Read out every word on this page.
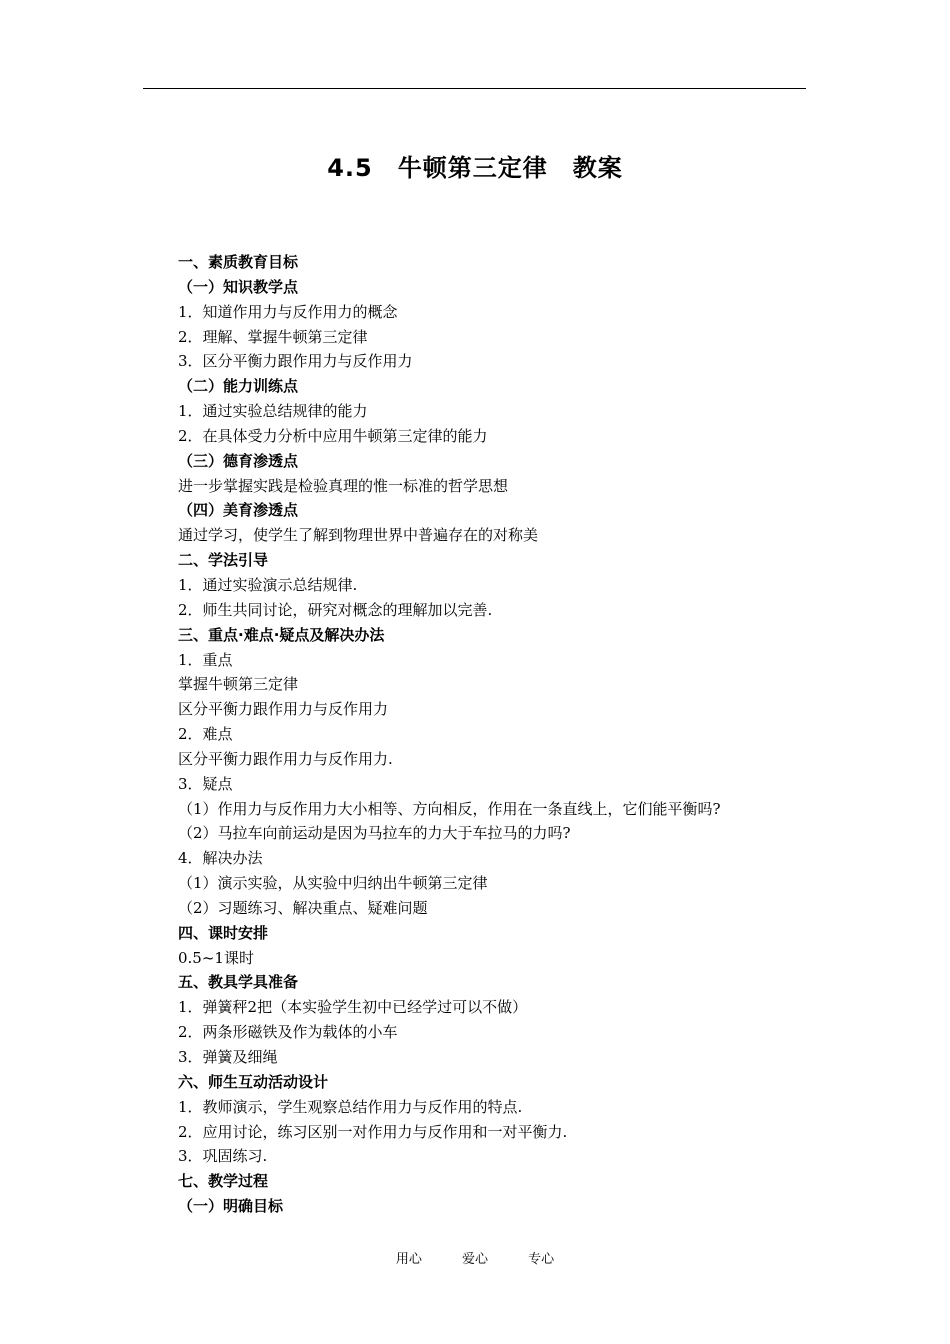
4.5　牛顿第三定律　教案
一、素质教育目标
（一）知识教学点
1．知道作用力与反作用力的概念
2．理解、掌握牛顿第三定律
3．区分平衡力跟作用力与反作用力
（二）能力训练点
1．通过实验总结规律的能力
2．在具体受力分析中应用牛顿第三定律的能力
（三）德育渗透点
进一步掌握实践是检验真理的惟一标准的哲学思想
（四）美育渗透点
通过学习，使学生了解到物理世界中普遍存在的对称美
二、学法引导
1．通过实验演示总结规律.
2．师生共同讨论，研究对概念的理解加以完善.
三、重点·难点·疑点及解决办法
1．重点
掌握牛顿第三定律
区分平衡力跟作用力与反作用力
2．难点
区分平衡力跟作用力与反作用力.
3．疑点
（1）作用力与反作用力大小相等、方向相反，作用在一条直线上，它们能平衡吗?
（2）马拉车向前运动是因为马拉车的力大于车拉马的力吗?
4．解决办法
（1）演示实验，从实验中归纳出牛顿第三定律
（2）习题练习、解决重点、疑难问题
四、课时安排
0.5~1课时
五、教具学具准备
1．弹簧秤2把（本实验学生初中已经学过可以不做）
2．两条形磁铁及作为载体的小车
3．弹簧及细绳
六、师生互动活动设计
1．教师演示，学生观察总结作用力与反作用的特点.
2．应用讨论，练习区别一对作用力与反作用和一对平衡力.
3．巩固练习.
七、教学过程
（一）明确目标
用心	爱心	专心
